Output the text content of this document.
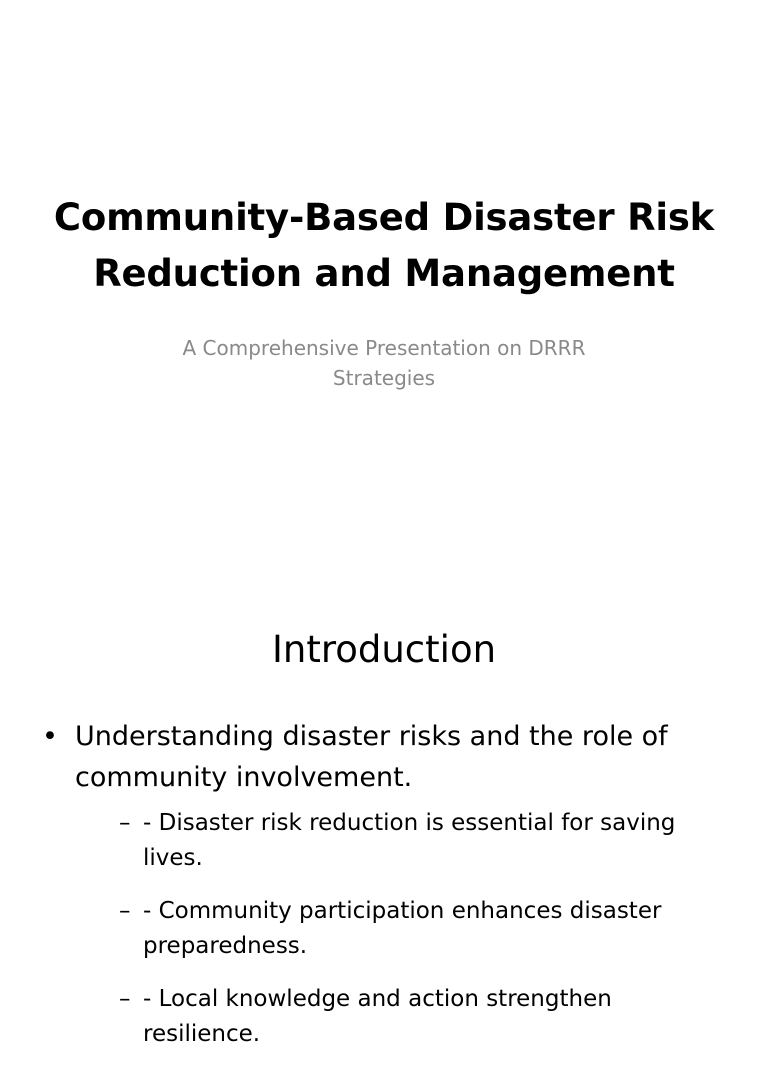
Community-Based Disaster Risk Reduction and Management
A Comprehensive Presentation on DRRR Strategies
Introduction
• Understanding disaster risks and the role of community involvement.
– - Disaster risk reduction is essential for saving lives.
– - Community participation enhances disaster preparedness.
– - Local knowledge and action strengthen resilience.
